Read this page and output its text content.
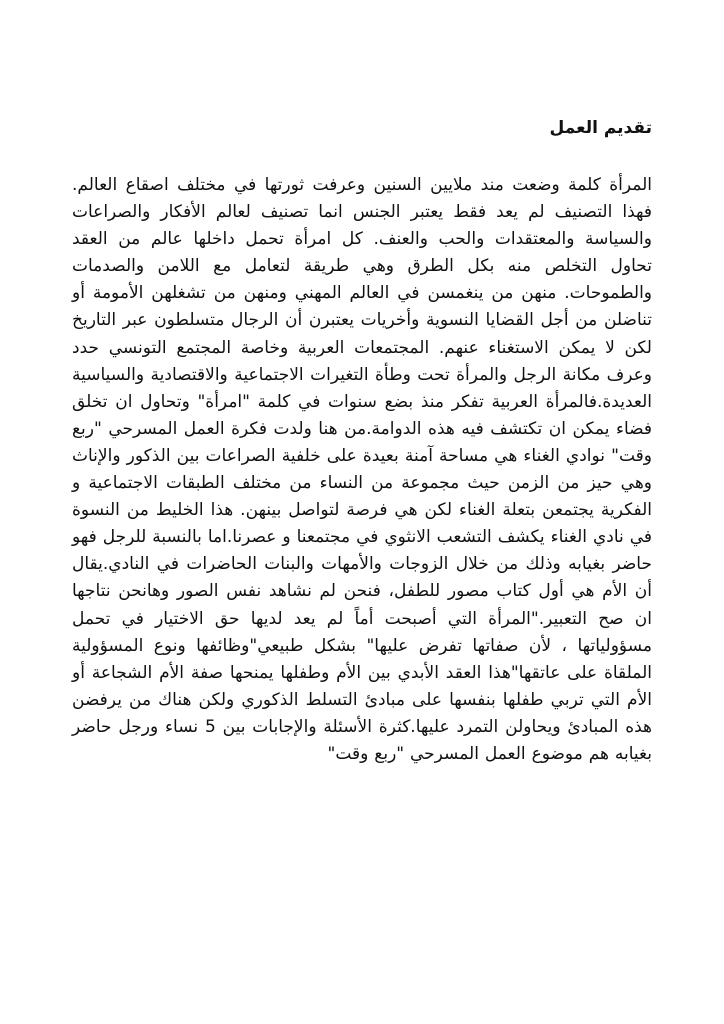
تقديم العمل

المرأة كلمة وضعت مند ملايين السنين وعرفت ثورتها في مختلف اصقاع العالم. فهذا التصنيف لم يعد فقط يعتبر الجنس انما تصنيف لعالم الأفكار والصراعات والسياسة والمعتقدات والحب والعنف. كل امرأة تحمل داخلها عالم من العقد تحاول التخلص منه بكل الطرق وهي طريقة لتعامل مع اللامن والصدمات والطموحات. منهن من ينغمسن في العالم المهني ومنهن من تشغلهن الأمومة أو تناضلن من أجل القضايا النسوية وأخريات يعتبرن أن الرجال متسلطون عبر التاريخ لكن لا يمكن الاستغناء عنهم. المجتمعات العربية وخاصة المجتمع التونسي حدد وعرف مكانة الرجل والمرأة تحت وطأة التغيرات الاجتماعية والاقتصادية والسياسية العديدة.فالمرأة العربية تفكر منذ بضع سنوات في كلمة "امرأة" وتحاول ان تخلق فضاء يمكن ان تكتشف فيه هذه الدوامة.من هنا ولدت فكرة العمل المسرحي "ربع وقت" نوادي الغناء هي مساحة آمنة بعيدة على خلفية الصراعات بين الذكور والإناث وهي حيز من الزمن حيث مجموعة من النساء من مختلف الطبقات الاجتماعية و الفكرية يجتمعن بتعلة الغناء لكن هي فرصة لتواصل بينهن. هذا الخليط من النسوة في نادي الغناء يكشف التشعب الانثوي في مجتمعنا و عصرنا.اما بالنسبة للرجل فهو حاضر بغيابه وذلك من خلال الزوجات والأمهات والبنات الحاضرات في النادي.يقال أن الأم هي أول كتاب مصور للطفل، فنحن لم نشاهد نفس الصور وهانحن نتاجها ان صح التعبير."المرأة التي أصبحت أماً لم يعد لديها حق الاختيار في تحمل مسؤولياتها ، لأن صفاتها تفرض عليها" بشكل طبيعي"وظائفها ونوع المسؤولية الملقاة على عاتقها"هذا العقد الأبدي بين الأم وطفلها يمنحها صفة الأم الشجاعة أو الأم التي تربي طفلها بنفسها على مبادئ التسلط الذكوري ولكن هناك من يرفضن هذه المبادئ ويحاولن التمرد عليها.كثرة الأسئلة والإجابات بين 5 نساء ورجل حاضر بغيابه هم موضوع العمل المسرحي "ربع وقت"
